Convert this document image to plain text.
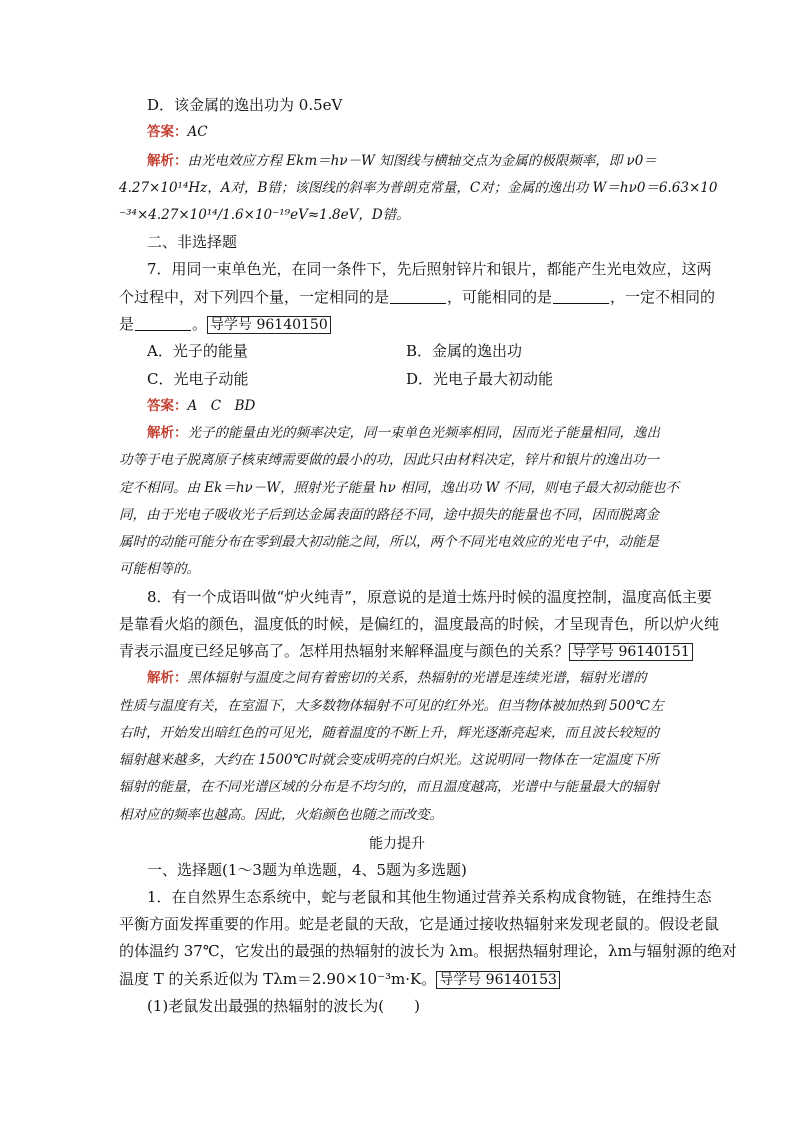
D．该金属的逸出功为 0.5eV
答案：AC
解析：由光电效应方程 Ekm＝hν－W 知图线与横轴交点为金属的极限频率，即 ν0＝
4.27×10¹⁴Hz，A对，B错；该图线的斜率为普朗克常量，C对；金属的逸出功 W＝hν0＝6.63×10
⁻³⁴×4.27×10¹⁴/1.6×10⁻¹⁹eV≈1.8eV，D错。
二、非选择题
7．用同一束单色光，在同一条件下，先后照射锌片和银片，都能产生光电效应，这两
个过程中，对下列四个量，一定相同的是	，可能相同的是	，一定不相同的
是	。 导学号 96140150
A．光子的能量	B．金属的逸出功
C．光电子动能	D．光电子最大初动能
答案：A　C　BD
解析：光子的能量由光的频率决定，同一束单色光频率相同，因而光子能量相同，逸出
功等于电子脱离原子核束缚需要做的最小的功，因此只由材料决定，锌片和银片的逸出功一
定不相同。由 Ek＝hν－W，照射光子能量 hν 相同，逸出功 W 不同，则电子最大初动能也不
同，由于光电子吸收光子后到达金属表面的路径不同，途中损失的能量也不同，因而脱离金
属时的动能可能分布在零到最大初动能之间，所以，两个不同光电效应的光电子中，动能是
可能相等的。
8．有一个成语叫做“炉火纯青”，原意说的是道士炼丹时候的温度控制，温度高低主要
是靠看火焰的颜色，温度低的时候，是偏红的，温度最高的时候，才呈现青色，所以炉火纯
青表示温度已经足够高了。怎样用热辐射来解释温度与颜色的关系？ 导学号 96140151
解析：黑体辐射与温度之间有着密切的关系，热辐射的光谱是连续光谱，辐射光谱的
性质与温度有关，在室温下，大多数物体辐射不可见的红外光。但当物体被加热到 500℃左
右时，开始发出暗红色的可见光，随着温度的不断上升，辉光逐渐亮起来，而且波长较短的
辐射越来越多，大约在 1500℃时就会变成明亮的白炽光。这说明同一物体在一定温度下所
辐射的能量，在不同光谱区域的分布是不均匀的，而且温度越高，光谱中与能量最大的辐射
相对应的频率也越高。因此，火焰颜色也随之而改变。
能力提升
一、选择题(1～3题为单选题，4、5题为多选题)
1．在自然界生态系统中，蛇与老鼠和其他生物通过营养关系构成食物链，在维持生态
平衡方面发挥重要的作用。蛇是老鼠的天敌，它是通过接收热辐射来发现老鼠的。假设老鼠
的体温约 37℃，它发出的最强的热辐射的波长为 λm。根据热辐射理论，λm与辐射源的绝对
温度 T 的关系近似为 Tλm＝2.90×10⁻³m·K。 导学号 96140153
(1)老鼠发出最强的热辐射的波长为(　　)
